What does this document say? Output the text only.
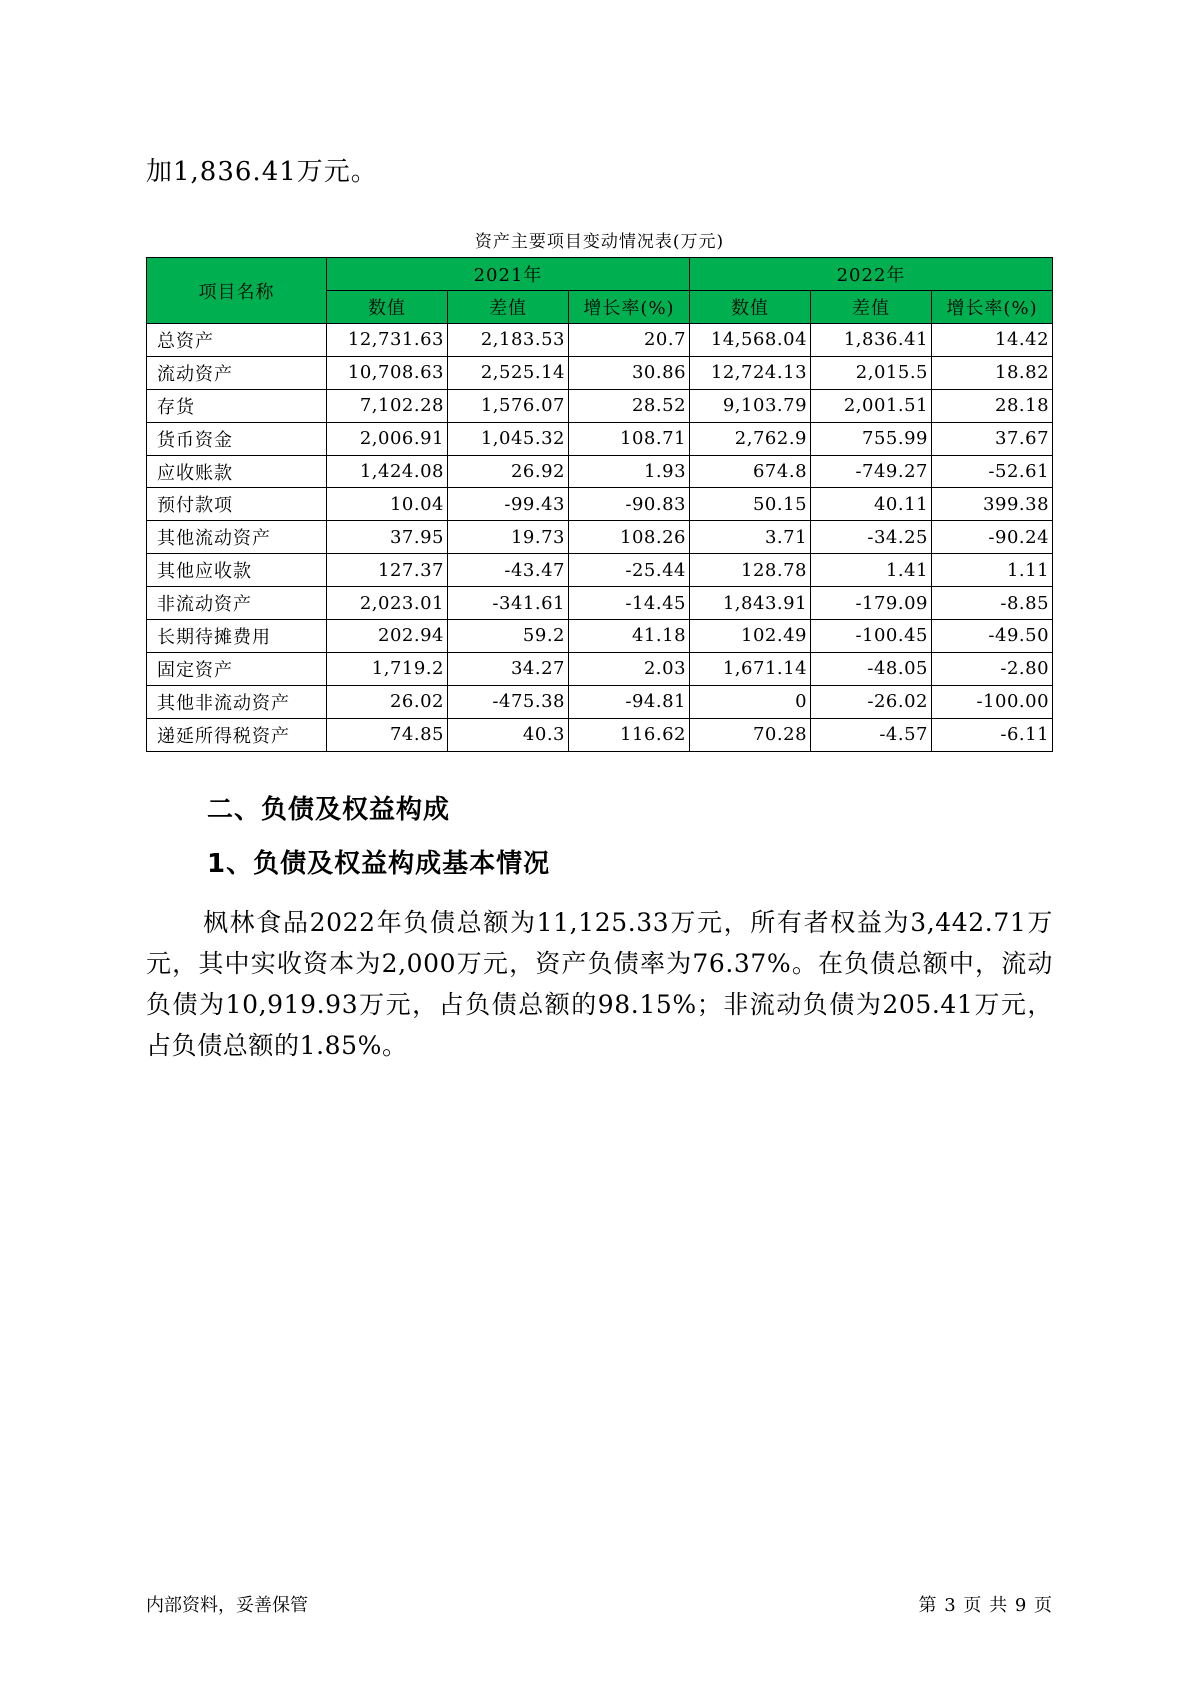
加1,836.41万元。
资产主要项目变动情况表(万元)
项目名称	2021年			2022年		
	数值	差值	增长率(%)	数值	差值	增长率(%)
总资产	12,731.63	2,183.53	20.7	14,568.04	1,836.41	14.42
流动资产	10,708.63	2,525.14	30.86	12,724.13	2,015.5	18.82
存货	7,102.28	1,576.07	28.52	9,103.79	2,001.51	28.18
货币资金	2,006.91	1,045.32	108.71	2,762.9	755.99	37.67
应收账款	1,424.08	26.92	1.93	674.8	-749.27	-52.61
预付款项	10.04	-99.43	-90.83	50.15	40.11	399.38
其他流动资产	37.95	19.73	108.26	3.71	-34.25	-90.24
其他应收款	127.37	-43.47	-25.44	128.78	1.41	1.11
非流动资产	2,023.01	-341.61	-14.45	1,843.91	-179.09	-8.85
长期待摊费用	202.94	59.2	41.18	102.49	-100.45	-49.50
固定资产	1,719.2	34.27	2.03	1,671.14	-48.05	-2.80
其他非流动资产	26.02	-475.38	-94.81	0	-26.02	-100.00
递延所得税资产	74.85	40.3	116.62	70.28	-4.57	-6.11
二、负债及权益构成
1、负债及权益构成基本情况
枫林食品2022年负债总额为11,125.33万元，所有者权益为3,442.71万元，其中实收资本为2,000万元，资产负债率为76.37%。在负债总额中，流动负债为10,919.93万元，占负债总额的98.15%；非流动负债为205.41万元，占负债总额的1.85%。
内部资料，妥善保管	第 3 页 共 9 页
